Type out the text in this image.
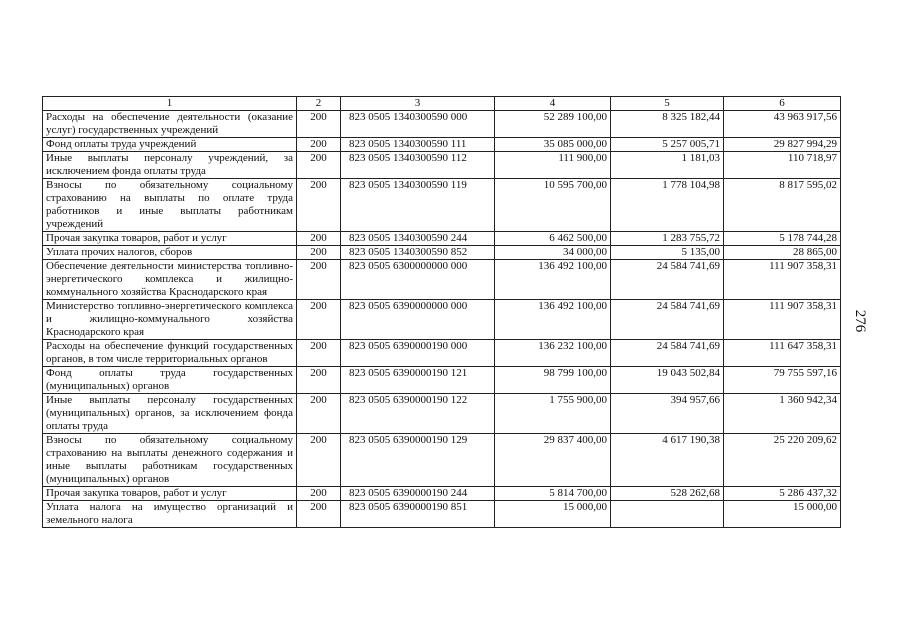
1	2	3	4	5	6
Расходы на обеспечение деятельности (оказание услуг) государственных учреждений	200	823 0505 1340300590 000	52 289 100,00	8 325 182,44	43 963 917,56
Фонд оплаты труда учреждений	200	823 0505 1340300590 111	35 085 000,00	5 257 005,71	29 827 994,29
Иные выплаты персоналу учреждений, за исключением фонда оплаты труда	200	823 0505 1340300590 112	111 900,00	1 181,03	110 718,97
Взносы по обязательному социальному страхованию на выплаты по оплате труда работников и иные выплаты работникам учреждений	200	823 0505 1340300590 119	10 595 700,00	1 778 104,98	8 817 595,02
Прочая закупка товаров, работ и услуг	200	823 0505 1340300590 244	6 462 500,00	1 283 755,72	5 178 744,28
Уплата прочих налогов, сборов	200	823 0505 1340300590 852	34 000,00	5 135,00	28 865,00
Обеспечение деятельности министерства топливно-энергетического комплекса и жилищно-коммунального хозяйства Краснодарского края	200	823 0505 6300000000 000	136 492 100,00	24 584 741,69	111 907 358,31
Министерство топливно-энергетического комплекса и жилищно-коммунального хозяйства Краснодарского края	200	823 0505 6390000000 000	136 492 100,00	24 584 741,69	111 907 358,31
Расходы на обеспечение функций государственных органов, в том числе территориальных органов	200	823 0505 6390000190 000	136 232 100,00	24 584 741,69	111 647 358,31
Фонд оплаты труда государственных (муниципальных) органов	200	823 0505 6390000190 121	98 799 100,00	19 043 502,84	79 755 597,16
Иные выплаты персоналу государственных (муниципальных) органов, за исключением фонда оплаты труда	200	823 0505 6390000190 122	1 755 900,00	394 957,66	1 360 942,34
Взносы по обязательному социальному страхованию на выплаты денежного содержания и иные выплаты работникам государственных (муниципальных) органов	200	823 0505 6390000190 129	29 837 400,00	4 617 190,38	25 220 209,62
Прочая закупка товаров, работ и услуг	200	823 0505 6390000190 244	5 814 700,00	528 262,68	5 286 437,32
Уплата налога на имущество организаций и земельного налога	200	823 0505 6390000190 851	15 000,00		15 000,00
276
